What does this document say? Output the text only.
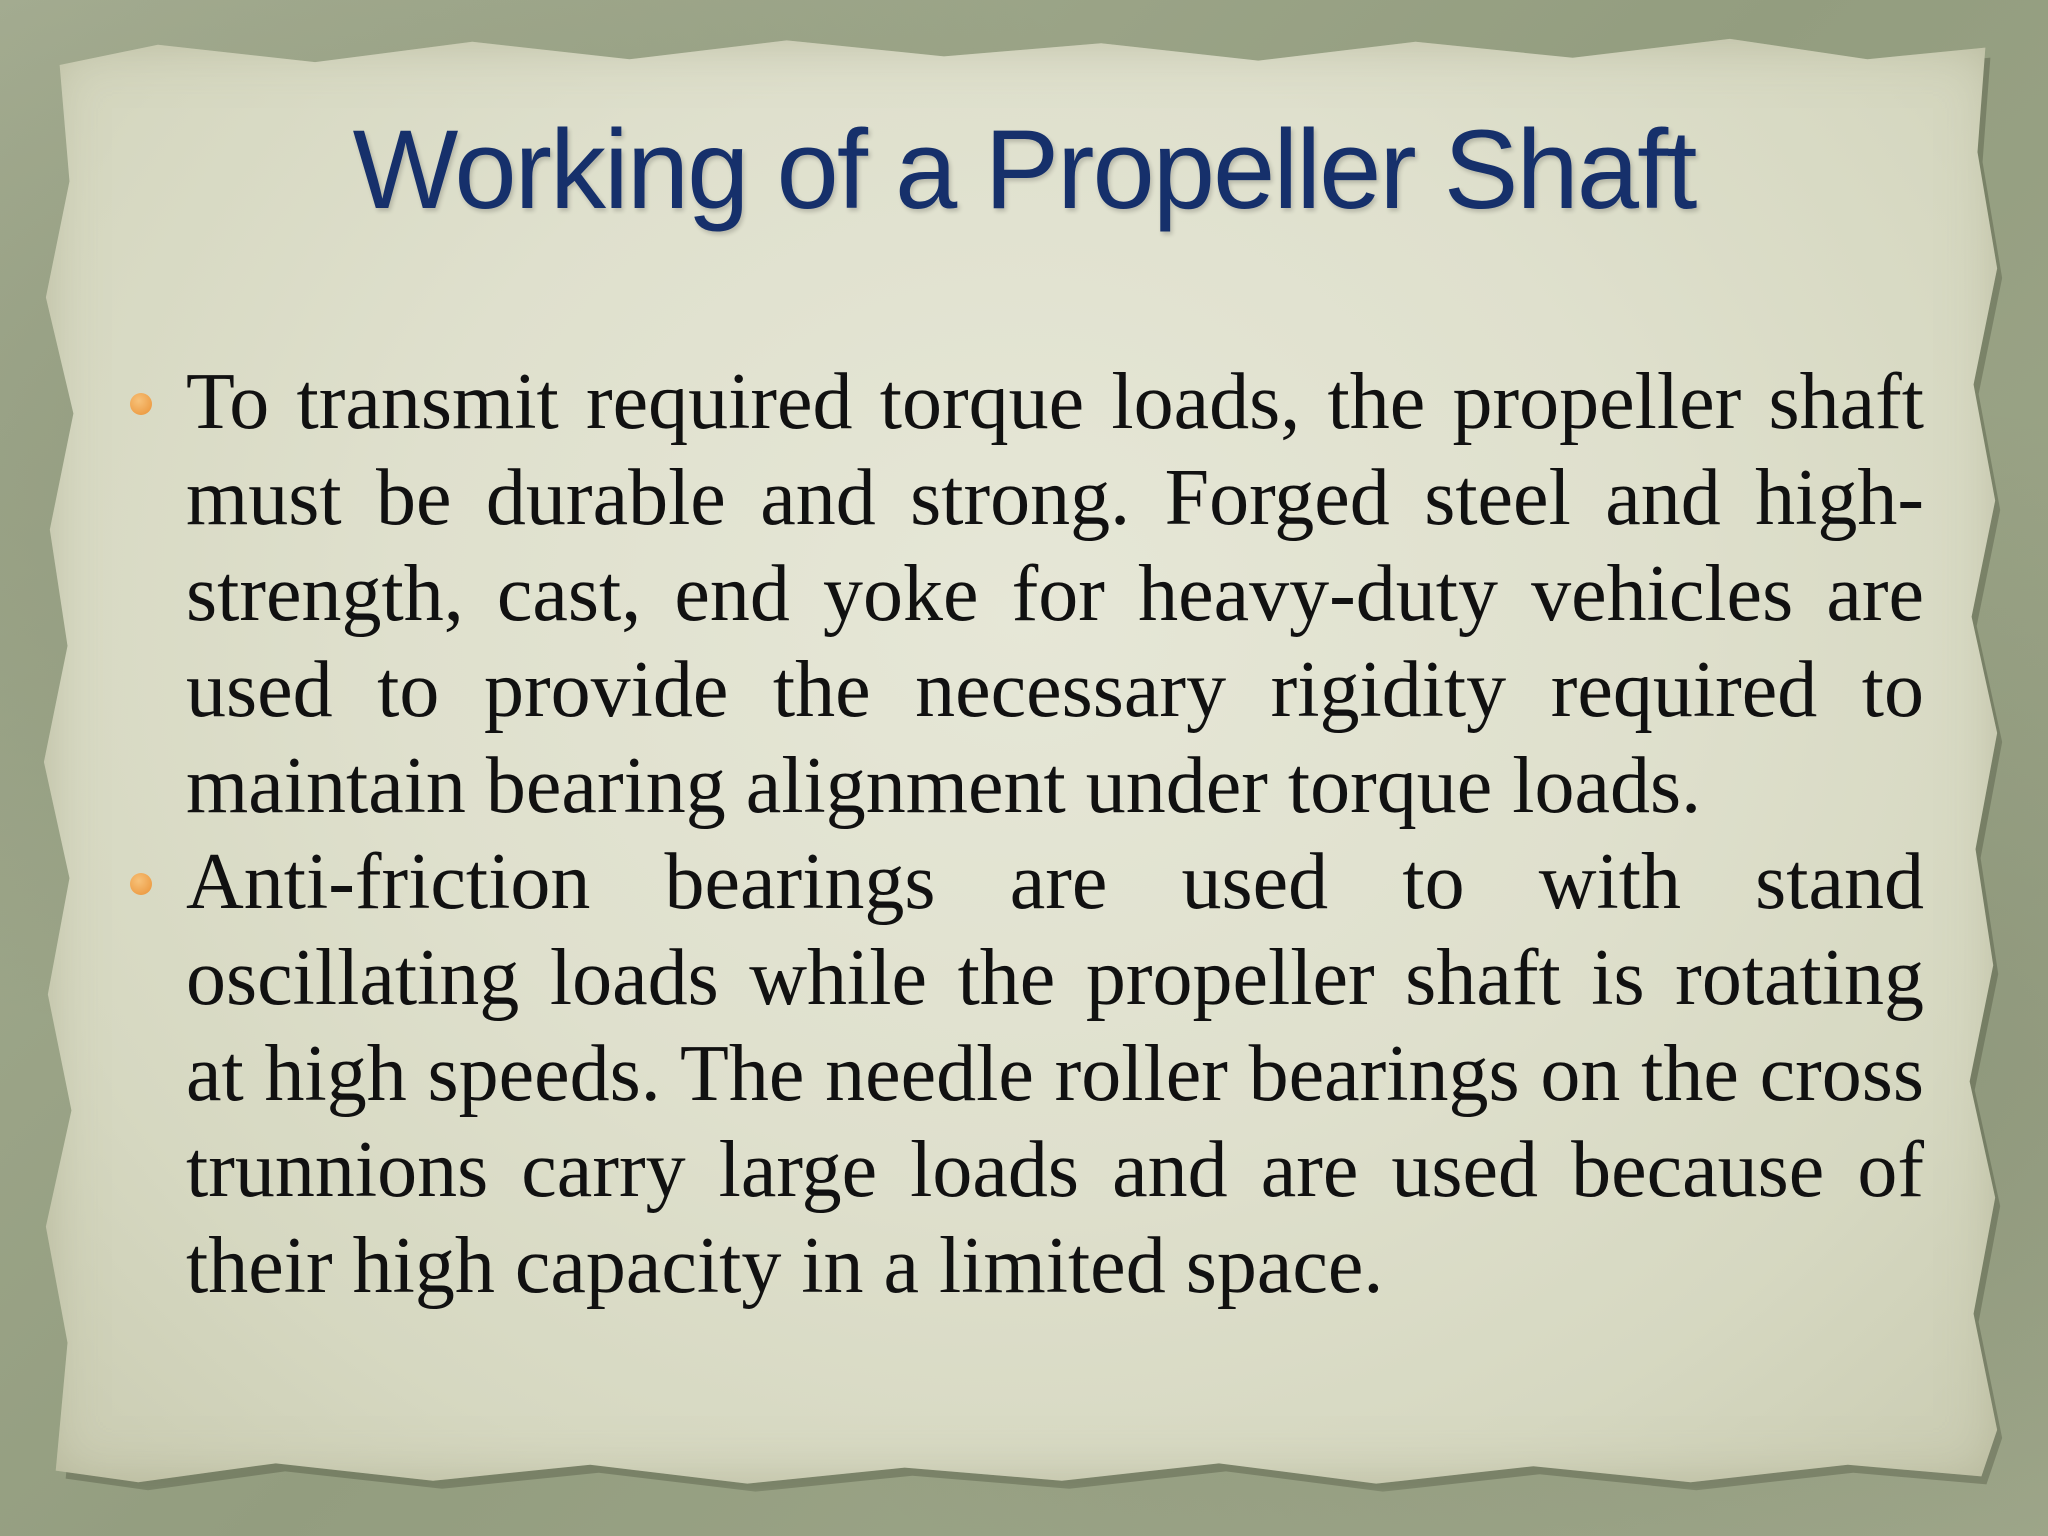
Working of a Propeller Shaft
To transmit required torque loads, the propeller shaft must be durable and strong. Forged steel and high-strength, cast, end yoke for heavy-duty vehicles are used to provide the necessary rigidity required to maintain bearing alignment under torque loads.
Anti-friction bearings are used to with stand oscillating loads while the propeller shaft is rotating at high speeds. The needle roller bearings on the cross trunnions carry large loads and are used because of their high capacity in a limited space.
